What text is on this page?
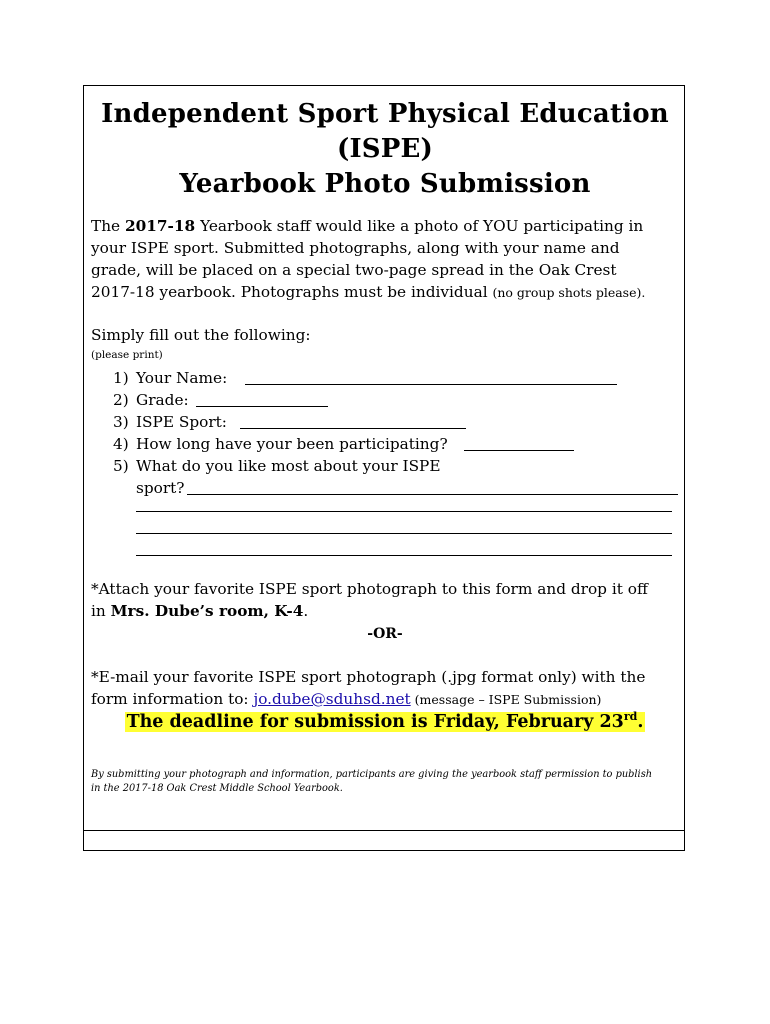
Independent Sport Physical Education
(ISPE)
Yearbook Photo Submission
The 2017-18 Yearbook staff would like a photo of YOU participating in
your ISPE sport. Submitted photographs, along with your name and
grade, will be placed on a special two-page spread in the Oak Crest
2017-18 yearbook. Photographs must be individual (no group shots please).
Simply fill out the following:
(please print)
1) Your Name:
2) Grade:
3) ISPE Sport:
4) How long have your been participating?
5) What do you like most about your ISPE
sport?
*Attach your favorite ISPE sport photograph to this form and drop it off
in Mrs. Dube’s room, K-4.
-OR-
*E-mail your favorite ISPE sport photograph (.jpg format only) with the
form information to: jo.dube@sduhsd.net (message – ISPE Submission)
The deadline for submission is Friday, February 23rd.
By submitting your photograph and information, participants are giving the yearbook staff permission to publish
in the 2017-18 Oak Crest Middle School Yearbook.
